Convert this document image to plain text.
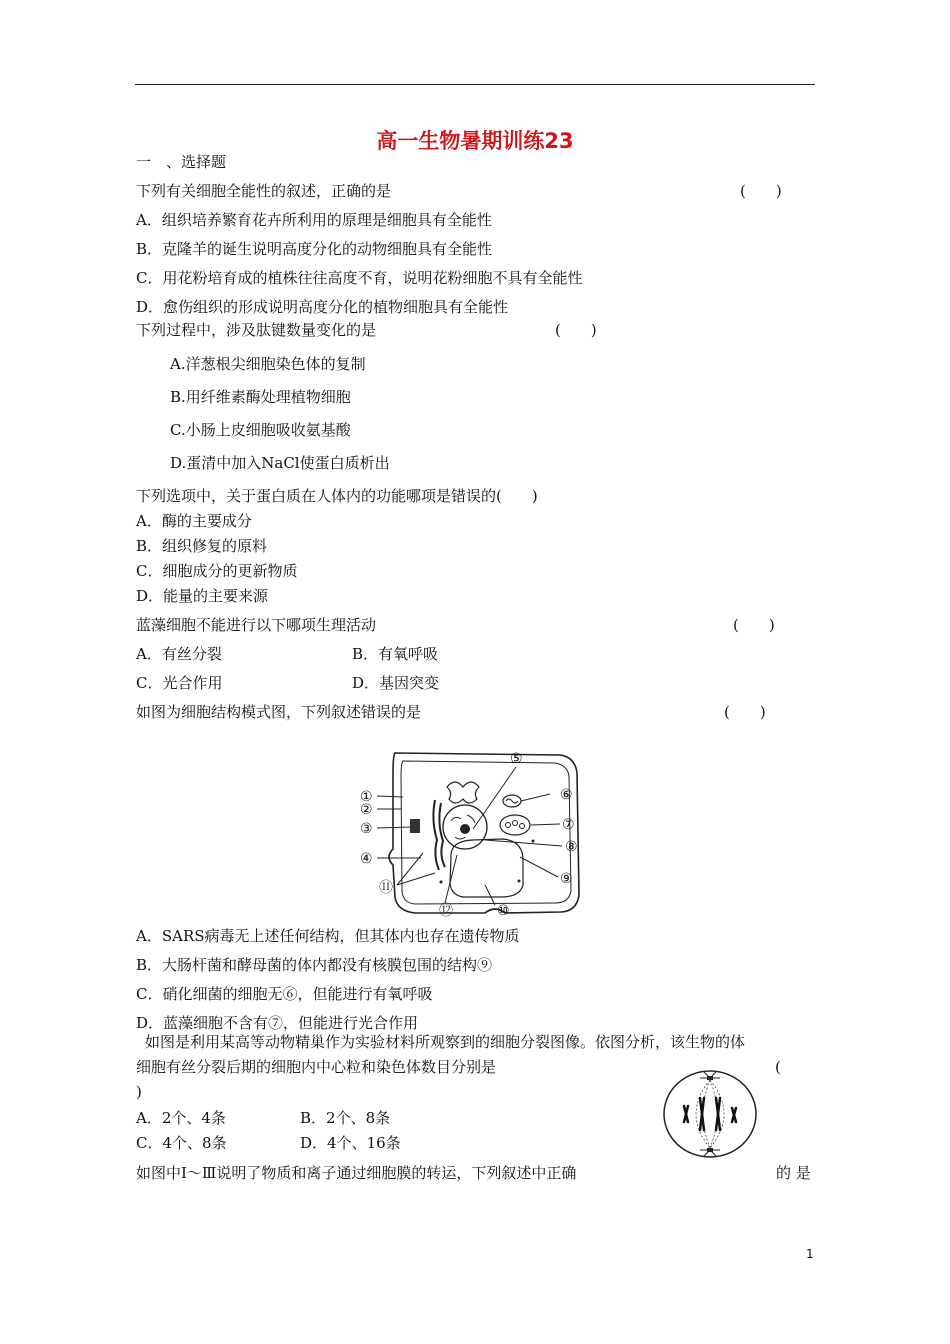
高一生物暑期训练23
一　、选择题
下列有关细胞全能性的叙述，正确的是	(　　)
A．组织培养繁育花卉所利用的原理是细胞具有全能性
B．克隆羊的诞生说明高度分化的动物细胞具有全能性
C．用花粉培育成的植株往往高度不育，说明花粉细胞不具有全能性
D．愈伤组织的形成说明高度分化的植物细胞具有全能性
下列过程中，涉及肽键数量变化的是	(　　)
A.洋葱根尖细胞染色体的复制
B.用纤维素酶处理植物细胞
C.小肠上皮细胞吸收氨基酸
D.蛋清中加入NaCl使蛋白质析出
下列选项中，关于蛋白质在人体内的功能哪项是错误的(　　)
A．酶的主要成分
B．组织修复的原料
C．细胞成分的更新物质
D．能量的主要来源
蓝藻细胞不能进行以下哪项生理活动	(　　)
A．有丝分裂	B．有氧呼吸
C．光合作用	D．基因突变
如图为细胞结构模式图，下列叙述错误的是	(　　)
①
②
③
④
⑤
⑥
⑦
⑧
⑨
⑩
⑪
⑫
A．SARS病毒无上述任何结构，但其体内也存在遗传物质
B．大肠杆菌和酵母菌的体内都没有核膜包围的结构⑨
C．硝化细菌的细胞无⑥，但能进行有氧呼吸
D．蓝藻细胞不含有⑦，但能进行光合作用
如图是利用某高等动物精巢作为实验材料所观察到的细胞分裂图像。依图分析，该生物的体
细胞有丝分裂后期的细胞内中心粒和染色体数目分别是	(
)
A．2个、4条	B．2个、8条
C．4个、8条	D．4个、16条
如图中Ⅰ～Ⅲ说明了物质和离子通过细胞膜的转运，下列叙述中正确	的 是
1
